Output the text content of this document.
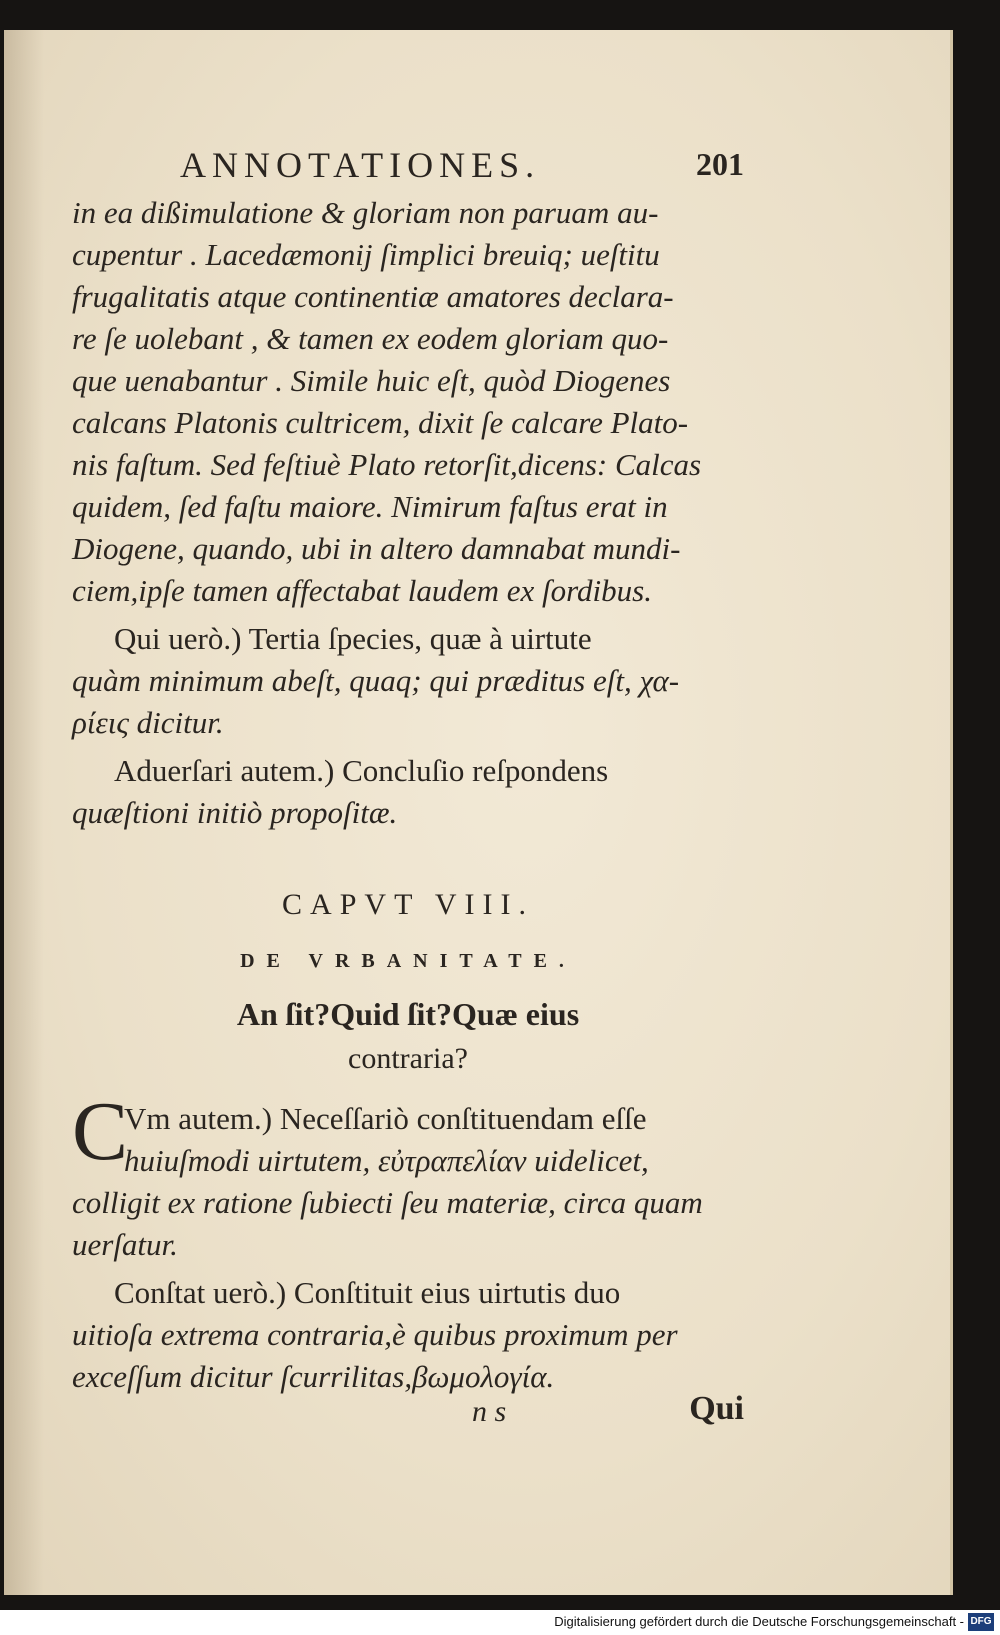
ANNOTATIONES.	201
in ea dißimulatione & gloriam non paruam au-
cupentur . Lacedæmonij ſimplici breuiq; ueſtitu
frugalitatis atque continentiæ amatores declara-
re ſe uolebant , & tamen ex eodem gloriam quo-
que uenabantur . Simile huic eſt, quòd Diogenes
calcans Platonis cultricem, dixit ſe calcare Plato-
nis faſtum. Sed feſtiuè Plato retorſit,dicens: Calcas
quidem, ſed faſtu maiore. Nimirum faſtus erat in
Diogene, quando, ubi in altero damnabat mundi-
ciem,ipſe tamen affectabat laudem ex ſordibus.
Qui uerò.) Tertia ſpecies, quæ à uirtute
quàm minimum abeſt, quaq; qui præditus eſt, χα-
ρίεις dicitur.
Aduerſari autem.) Concluſio reſpondens
quæſtioni initiò propoſitæ.
CAPVT VIII.
DE VRBANITATE.
An ſit?Quid ſit?Quæ eius
contraria?
C
Vm autem.) Neceſſariò conſtituendam eſſe
huiuſmodi uirtutem, εὐτραπελίαν uidelicet,
colligit ex ratione ſubiecti ſeu materiæ, circa quam
uerſatur.
Conſtat uerò.) Conſtituit eius uirtutis duo
uitioſa extrema contraria,è quibus proximum per
exceſſum dicitur ſcurrilitas,βωμολογία.
n s	Qui
Digitalisierung gefördert durch die Deutsche Forschungsgemeinschaft - DFG
